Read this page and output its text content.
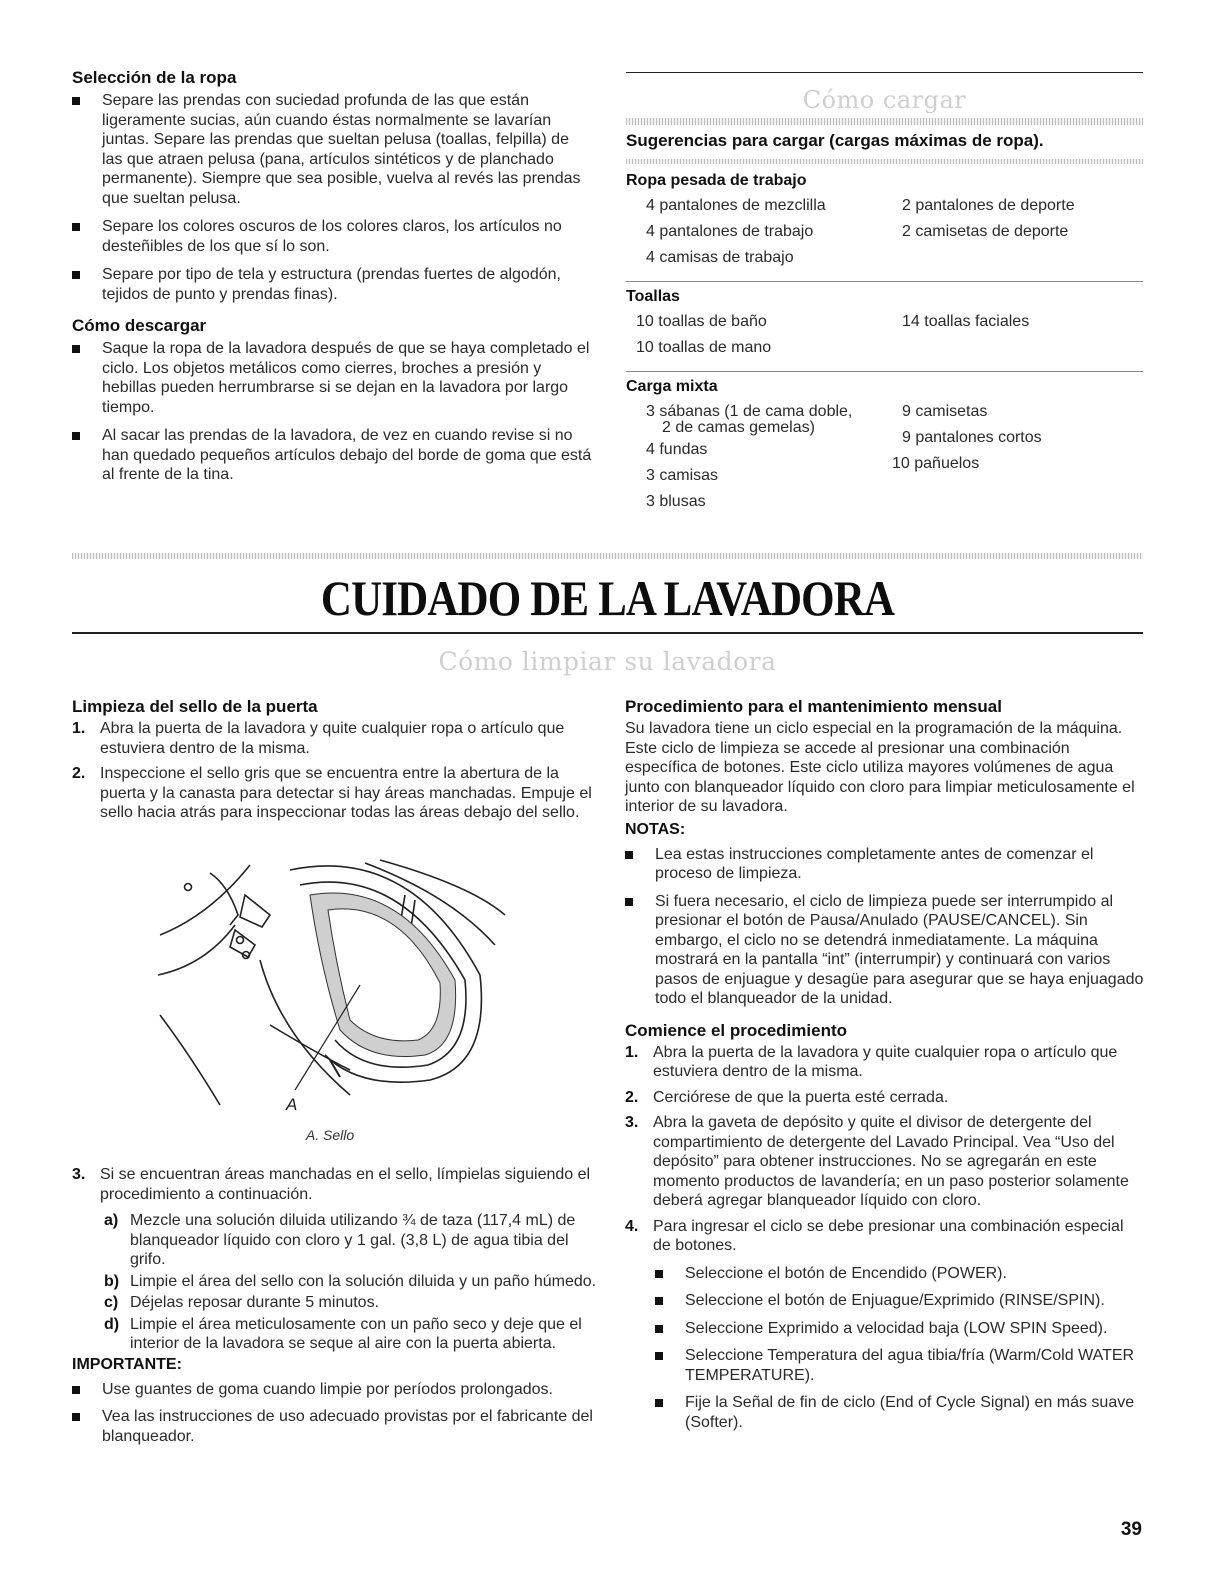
Selección de la ropa
Separe las prendas con suciedad profunda de las que están ligeramente sucias, aún cuando éstas normalmente se lavarían juntas. Separe las prendas que sueltan pelusa (toallas, felpilla) de las que atraen pelusa (pana, artículos sintéticos y de planchado permanente). Siempre que sea posible, vuelva al revés las prendas que sueltan pelusa.
Separe los colores oscuros de los colores claros, los artículos no desteñibles de los que sí lo son.
Separe por tipo de tela y estructura (prendas fuertes de algodón, tejidos de punto y prendas finas).
Cómo descargar
Saque la ropa de la lavadora después de que se haya completado el ciclo. Los objetos metálicos como cierres, broches a presión y hebillas pueden herrumbrarse si se dejan en la lavadora por largo tiempo.
Al sacar las prendas de la lavadora, de vez en cuando revise si no han quedado pequeños artículos debajo del borde de goma que está al frente de la tina.
Cómo cargar
Sugerencias para cargar (cargas máximas de ropa).
Ropa pesada de trabajo
4 pantalones de mezclilla
4 pantalones de trabajo
4 camisas de trabajo
2 pantalones de deporte
2 camisetas de deporte
Toallas
10 toallas de baño
10 toallas de mano
14 toallas faciales
Carga mixta
3 sábanas (1 de cama doble,
2 de camas gemelas)
4 fundas
3 camisas
3 blusas
9 camisetas
9 pantalones cortos
10 pañuelos
CUIDADO DE LA LAVADORA
Cómo limpiar su lavadora
Limpieza del sello de la puerta
1. Abra la puerta de la lavadora y quite cualquier ropa o artículo que estuviera dentro de la misma.
2. Inspeccione el sello gris que se encuentra entre la abertura de la puerta y la canasta para detectar si hay áreas manchadas. Empuje el sello hacia atrás para inspeccionar todas las áreas debajo del sello.
A
A. Sello
3. Si se encuentran áreas manchadas en el sello, límpielas siguiendo el procedimiento a continuación.
a) Mezcle una solución diluida utilizando ¾ de taza (117,4 mL) de blanqueador líquido con cloro y 1 gal. (3,8 L) de agua tibia del grifo.
b) Limpie el área del sello con la solución diluida y un paño húmedo.
c) Déjelas reposar durante 5 minutos.
d) Limpie el área meticulosamente con un paño seco y deje que el interior de la lavadora se seque al aire con la puerta abierta.
IMPORTANTE:
Use guantes de goma cuando limpie por períodos prolongados.
Vea las instrucciones de uso adecuado provistas por el fabricante del blanqueador.
Procedimiento para el mantenimiento mensual
Su lavadora tiene un ciclo especial en la programación de la máquina. Este ciclo de limpieza se accede al presionar una combinación específica de botones. Este ciclo utiliza mayores volúmenes de agua junto con blanqueador líquido con cloro para limpiar meticulosamente el interior de su lavadora.
NOTAS:
Lea estas instrucciones completamente antes de comenzar el proceso de limpieza.
Si fuera necesario, el ciclo de limpieza puede ser interrumpido al presionar el botón de Pausa/Anulado (PAUSE/CANCEL). Sin embargo, el ciclo no se detendrá inmediatamente. La máquina mostrará en la pantalla “int” (interrumpir) y continuará con varios pasos de enjuague y desagüe para asegurar que se haya enjuagado todo el blanqueador de la unidad.
Comience el procedimiento
1. Abra la puerta de la lavadora y quite cualquier ropa o artículo que estuviera dentro de la misma.
2. Cerciórese de que la puerta esté cerrada.
3. Abra la gaveta de depósito y quite el divisor de detergente del compartimiento de detergente del Lavado Principal. Vea “Uso del depósito” para obtener instrucciones. No se agregarán en este momento productos de lavandería; en un paso posterior solamente deberá agregar blanqueador líquido con cloro.
4. Para ingresar el ciclo se debe presionar una combinación especial de botones.
Seleccione el botón de Encendido (POWER).
Seleccione el botón de Enjuague/Exprimido (RINSE/SPIN).
Seleccione Exprimido a velocidad baja (LOW SPIN Speed).
Seleccione Temperatura del agua tibia/fría (Warm/Cold WATER TEMPERATURE).
Fije la Señal de fin de ciclo (End of Cycle Signal) en más suave (Softer).
39
